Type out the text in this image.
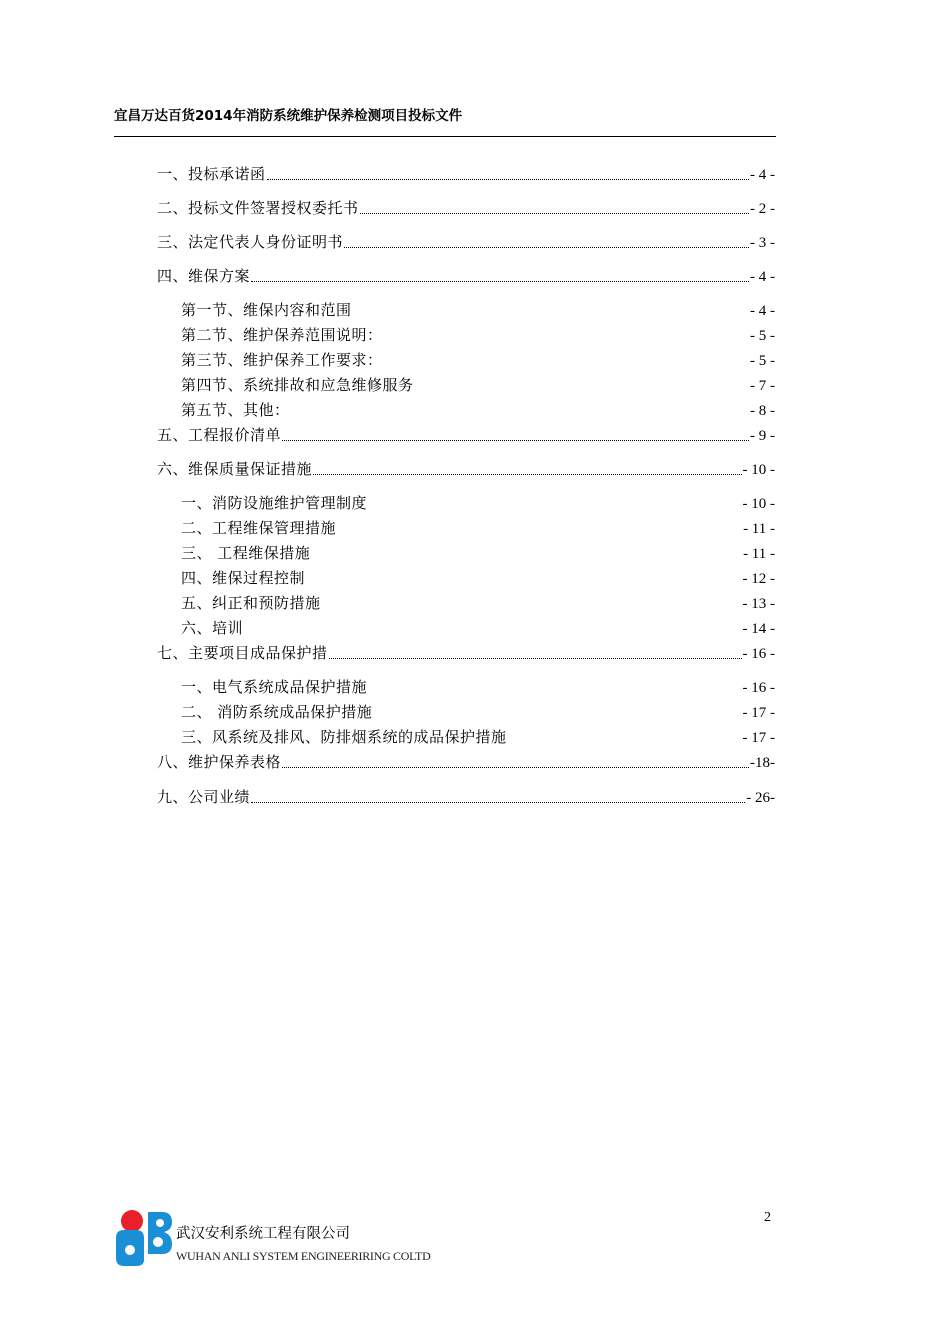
宜昌万达百货2014年消防系统维护保养检测项目投标文件
一、投标承诺函	- 4 -
二、投标文件签署授权委托书	- 2 -
三、法定代表人身份证明书	- 3 -
四、维保方案	- 4 -
第一节、维保内容和范围	- 4 -
第二节、维护保养范围说明：	- 5 -
第三节、维护保养工作要求：	- 5 -
第四节、系统排故和应急维修服务	- 7 -
第五节、其他：	- 8 -
五、工程报价清单	- 9 -
六、维保质量保证措施	- 10 -
一、消防设施维护管理制度	- 10 -
二、工程维保管理措施	- 11 -
三、 工程维保措施	- 11 -
四、维保过程控制	- 12 -
五、纠正和预防措施	- 13 -
六、培训	- 14 -
七、主要项目成品保护措	- 16 -
一、电气系统成品保护措施	- 16 -
二、 消防系统成品保护措施	- 17 -
三、风系统及排风、防排烟系统的成品保护措施	- 17 -
八、维护保养表格	-18-
九、公司业绩	- 26-
2
武汉安利系统工程有限公司
WUHAN ANLI SYSTEM ENGINEERIRING COLTD
